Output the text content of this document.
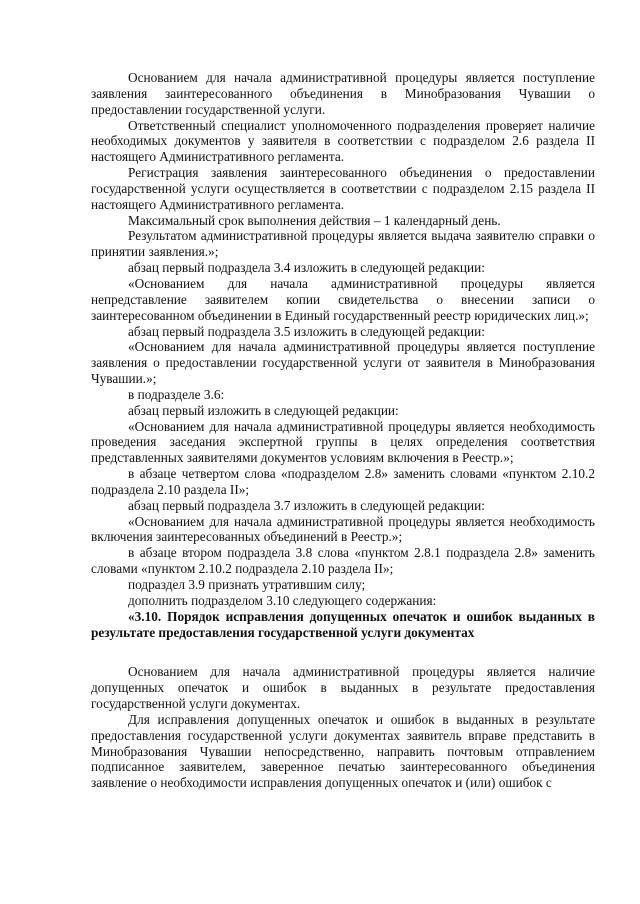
Основанием для начала административной процедуры является поступление заявления заинтересованного объединения в Минобразования Чувашии о предоставлении государственной услуги.

Ответственный специалист уполномоченного подразделения проверяет наличие необходимых документов у заявителя в соответствии с подразделом 2.6 раздела II настоящего Административного регламента.

Регистрация заявления заинтересованного объединения о предоставлении государственной услуги осуществляется в соответствии с подразделом 2.15 раздела II настоящего Административного регламента.

Максимальный срок выполнения действия – 1 календарный день.

Результатом административной процедуры является выдача заявителю справки о принятии заявления.»;

абзац первый подраздела 3.4 изложить в следующей редакции:

«Основанием для начала административной процедуры является непредставление заявителем копии свидетельства о внесении записи о заинтересованном объединении в Единый государственный реестр юридических лиц.»;

абзац первый подраздела 3.5 изложить в следующей редакции:

«Основанием для начала административной процедуры является поступление заявления о предоставлении государственной услуги от заявителя в Минобразования Чувашии.»;

в подразделе 3.6:

абзац первый изложить в следующей редакции:

«Основанием для начала административной процедуры является необходимость проведения заседания экспертной группы в целях определения соответствия представленных заявителями документов условиям включения в Реестр.»;

в абзаце четвертом слова «подразделом 2.8» заменить словами «пунктом 2.10.2 подраздела 2.10 раздела II»;

абзац первый подраздела 3.7 изложить в следующей редакции:

«Основанием для начала административной процедуры является необходимость включения заинтересованных объединений в Реестр.»;

в абзаце втором подраздела 3.8 слова «пунктом 2.8.1 подраздела 2.8» заменить словами «пунктом 2.10.2 подраздела 2.10 раздела II»;

подраздел 3.9 признать утратившим силу;

дополнить подразделом 3.10 следующего содержания:

«3.10. Порядок исправления допущенных опечаток и ошибок выданных в результате предоставления государственной услуги документах

Основанием для начала административной процедуры является наличие допущенных опечаток и ошибок в выданных в результате предоставления государственной услуги документах.

Для исправления допущенных опечаток и ошибок в выданных в результате предоставления государственной услуги документах заявитель вправе представить в Минобразования Чувашии непосредственно, направить почтовым отправлением подписанное заявителем, заверенное печатью заинтересованного объединения заявление о необходимости исправления допущенных опечаток и (или) ошибок с
